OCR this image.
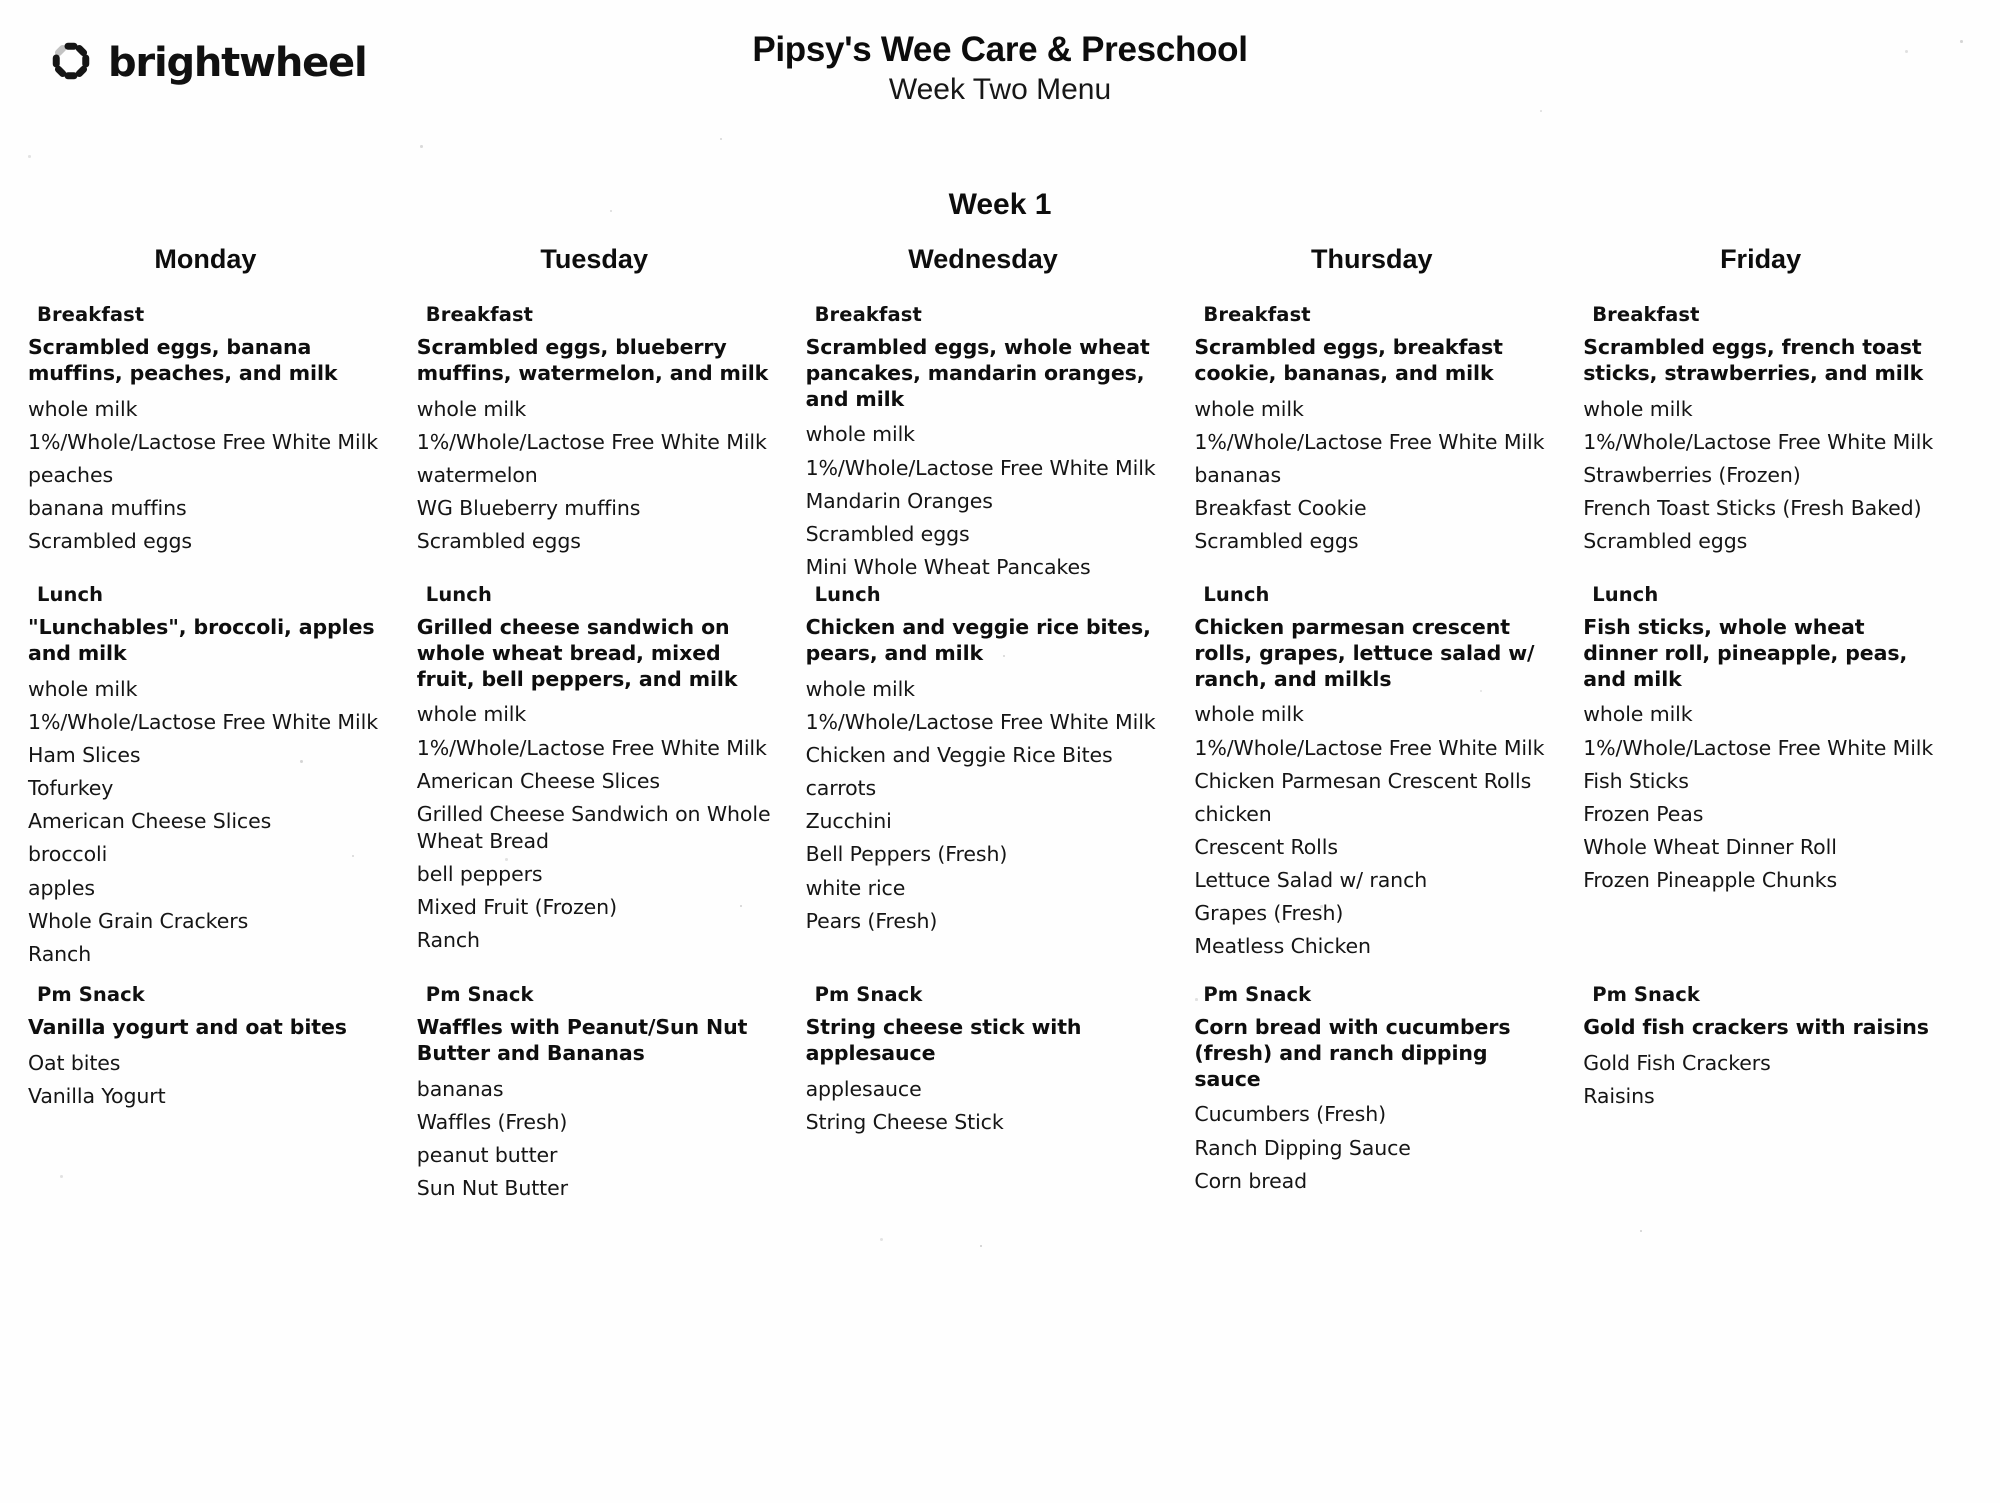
brightwheel	Pipsy's Wee Care & Preschool
Week Two Menu
Week 1
Monday
Breakfast
Scrambled eggs, banana muffins, peaches, and milk
whole milk
1%/Whole/Lactose Free White Milk
peaches
banana muffins
Scrambled eggs
Tuesday
Breakfast
Scrambled eggs, blueberry muffins, watermelon, and milk
whole milk
1%/Whole/Lactose Free White Milk
watermelon
WG Blueberry muffins
Scrambled eggs
Wednesday
Breakfast
Scrambled eggs, whole wheat pancakes, mandarin oranges, and milk
whole milk
1%/Whole/Lactose Free White Milk
Mandarin Oranges
Scrambled eggs
Mini Whole Wheat Pancakes
Thursday
Breakfast
Scrambled eggs, breakfast cookie, bananas, and milk
whole milk
1%/Whole/Lactose Free White Milk
bananas
Breakfast Cookie
Scrambled eggs
Friday
Breakfast
Scrambled eggs, french toast sticks, strawberries, and milk
whole milk
1%/Whole/Lactose Free White Milk
Strawberries (Frozen)
French Toast Sticks (Fresh Baked)
Scrambled eggs
Lunch
"Lunchables", broccoli, apples and milk
whole milk
1%/Whole/Lactose Free White Milk
Ham Slices
Tofurkey
American Cheese Slices
broccoli
apples
Whole Grain Crackers
Ranch
Lunch
Grilled cheese sandwich on whole wheat bread, mixed fruit, bell peppers, and milk
whole milk
1%/Whole/Lactose Free White Milk
American Cheese Slices
Grilled Cheese Sandwich on Whole Wheat Bread
bell peppers
Mixed Fruit (Frozen)
Ranch
Lunch
Chicken and veggie rice bites, pears, and milk
whole milk
1%/Whole/Lactose Free White Milk
Chicken and Veggie Rice Bites
carrots
Zucchini
Bell Peppers (Fresh)
white rice
Pears (Fresh)
Lunch
Chicken parmesan crescent rolls, grapes, lettuce salad w/ ranch, and milkls
whole milk
1%/Whole/Lactose Free White Milk
Chicken Parmesan Crescent Rolls
chicken
Crescent Rolls
Lettuce Salad w/ ranch
Grapes (Fresh)
Meatless Chicken
Lunch
Fish sticks, whole wheat dinner roll, pineapple, peas, and milk
whole milk
1%/Whole/Lactose Free White Milk
Fish Sticks
Frozen Peas
Whole Wheat Dinner Roll
Frozen Pineapple Chunks
Pm Snack
Vanilla yogurt and oat bites
Oat bites
Vanilla Yogurt
Pm Snack
Waffles with Peanut/Sun Nut Butter and Bananas
bananas
Waffles (Fresh)
peanut butter
Sun Nut Butter
Pm Snack
String cheese stick with applesauce
applesauce
String Cheese Stick
Pm Snack
Corn bread with cucumbers (fresh) and ranch dipping sauce
Cucumbers (Fresh)
Ranch Dipping Sauce
Corn bread
Pm Snack
Gold fish crackers with raisins
Gold Fish Crackers
Raisins
